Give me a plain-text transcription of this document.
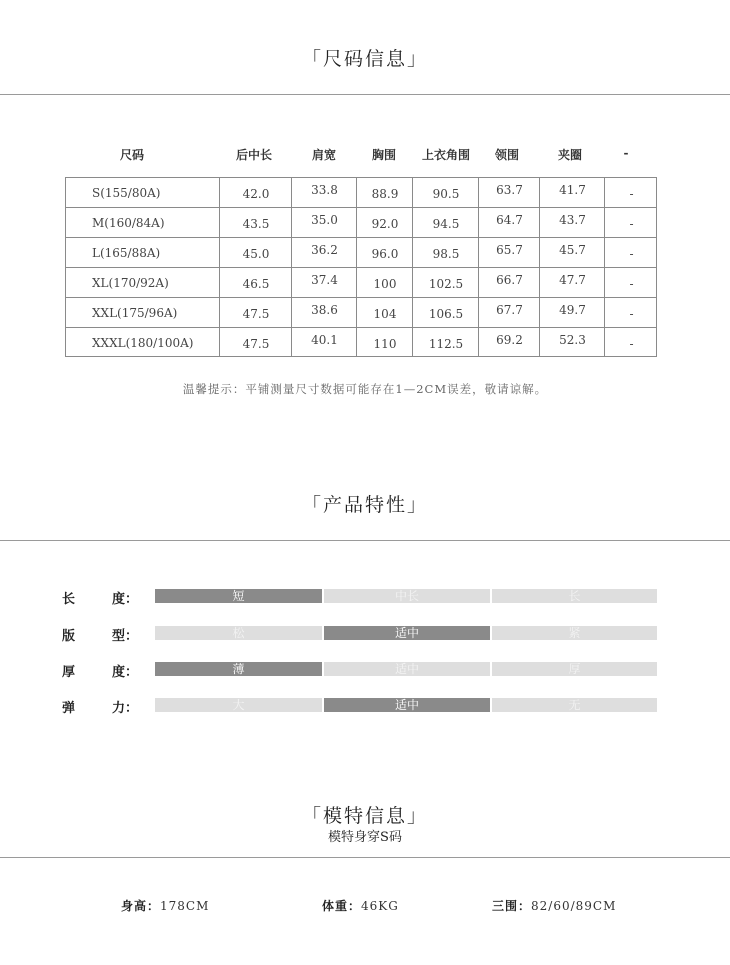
「尺码信息」
尺码	后中长	肩宽	胸围	上衣角围	领围	夹圈	-
S(155/80A)	42.0	33.8	88.9	90.5	63.7	41.7	-
M(160/84A)	43.5	35.0	92.0	94.5	64.7	43.7	-
L(165/88A)	45.0	36.2	96.0	98.5	65.7	45.7	-
XL(170/92A)	46.5	37.4	100	102.5	66.7	47.7	-
XXL(175/96A)	47.5	38.6	104	106.5	67.7	49.7	-
XXXL(180/100A)	47.5	40.1	110	112.5	69.2	52.3	-
温馨提示：平铺测量尺寸数据可能存在1—2CM误差，敬请谅解。
「产品特性」
长	度：	短	中长	长
版	型：	松	适中	紧
厚	度：	薄	适中	厚
弹	力：	大	适中	无
「模特信息」
模特身穿S码
身高：178CM	体重：46KG	三围：82/60/89CM
